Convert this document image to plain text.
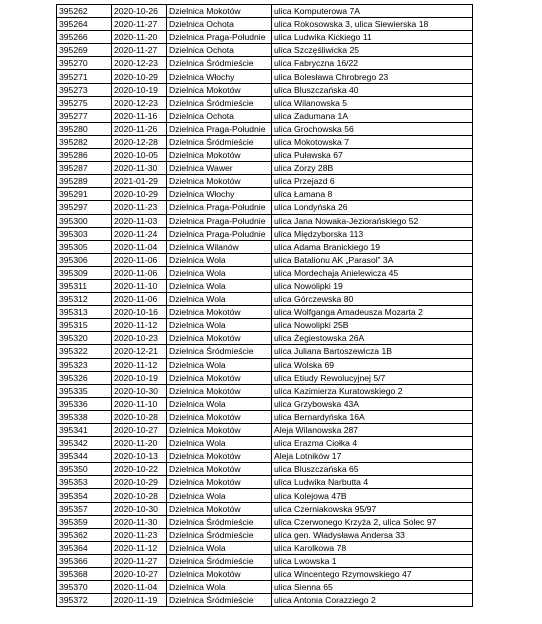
395262	2020-10-26	Dzielnica Mokotów	ulica Komputerowa 7A
395264	2020-11-27	Dzielnica Ochota	ulica Rokosowska 3, ulica Siewierska 18
395266	2020-11-20	Dzielnica Praga-Południe	ulica Ludwika Kickiego 11
395269	2020-11-27	Dzielnica Ochota	ulica Szczęśliwicka 25
395270	2020-12-23	Dzielnica Śródmieście	ulica Fabryczna 16/22
395271	2020-10-29	Dzielnica Włochy	ulica Bolesława Chrobrego 23
395273	2020-10-19	Dzielnica Mokotów	ulica Bluszczańska 40
395275	2020-12-23	Dzielnica Śródmieście	ulica Wilanowska 5
395277	2020-11-16	Dzielnica Ochota	ulica Zadumana 1A
395280	2020-11-26	Dzielnica Praga-Południe	ulica Grochowska 56
395282	2020-12-28	Dzielnica Śródmieście	ulica Mokotowska 7
395286	2020-10-05	Dzielnica Mokotów	ulica Puławska 67
395287	2020-11-30	Dzielnica Wawer	ulica Zorzy 28B
395289	2021-01-29	Dzielnica Mokotów	ulica Przejazd 6
395291	2020-10-29	Dzielnica Włochy	ulica Łamana 8
395297	2020-11-23	Dzielnica Praga-Południe	ulica Londyńska 26
395300	2020-11-03	Dzielnica Praga-Południe	ulica Jana Nowaka-Jeziorańskiego 52
395303	2020-11-24	Dzielnica Praga-Południe	ulica Międzyborska 113
395305	2020-11-04	Dzielnica Wilanów	ulica Adama Branickiego 19
395306	2020-11-06	Dzielnica Wola	ulica Batalionu AK „Parasol” 3A
395309	2020-11-06	Dzielnica Wola	ulica Mordechaja Anielewicza 45
395311	2020-11-10	Dzielnica Wola	ulica Nowolipki 19
395312	2020-11-06	Dzielnica Wola	ulica Górczewska 80
395313	2020-10-16	Dzielnica Mokotów	ulica Wolfganga Amadeusza Mozarta 2
395315	2020-11-12	Dzielnica Wola	ulica Nowolipki 25B
395320	2020-10-23	Dzielnica Mokotów	ulica Żegiestowska 26A
395322	2020-12-21	Dzielnica Śródmieście	ulica Juliana Bartoszewicza 1B
395323	2020-11-12	Dzielnica Wola	ulica Wolska 69
395326	2020-10-19	Dzielnica Mokotów	ulica Etiudy Rewolucyjnej 5/7
395335	2020-10-30	Dzielnica Mokotów	ulica Kazimierza Kuratowskiego 2
395336	2020-11-10	Dzielnica Wola	ulica Grzybowska 43A
395338	2020-10-28	Dzielnica Mokotów	ulica Bernardyńska 16A
395341	2020-10-27	Dzielnica Mokotów	Aleja Wilanowska 287
395342	2020-11-20	Dzielnica Wola	ulica Erazma Ciołka 4
395344	2020-10-13	Dzielnica Mokotów	Aleja Lotników 17
395350	2020-10-22	Dzielnica Mokotów	ulica Bluszczańska 65
395353	2020-10-29	Dzielnica Mokotów	ulica Ludwika Narbutta 4
395354	2020-10-28	Dzielnica Wola	ulica Kolejowa 47B
395357	2020-10-30	Dzielnica Mokotów	ulica Czerniakowska 95/97
395359	2020-11-30	Dzielnica Śródmieście	ulica Czerwonego Krzyża 2, ulica Solec 97
395362	2020-11-23	Dzielnica Śródmieście	ulica gen. Władysława Andersa 33
395364	2020-11-12	Dzielnica Wola	ulica Karolkowa 78
395366	2020-11-27	Dzielnica Śródmieście	ulica Lwowska 1
395368	2020-10-27	Dzielnica Mokotów	ulica Wincentego Rzymowskiego 47
395370	2020-11-04	Dzielnica Wola	ulica Sienna 65
395372	2020-11-19	Dzielnica Śródmieście	ulica Antonia Corazziego 2
